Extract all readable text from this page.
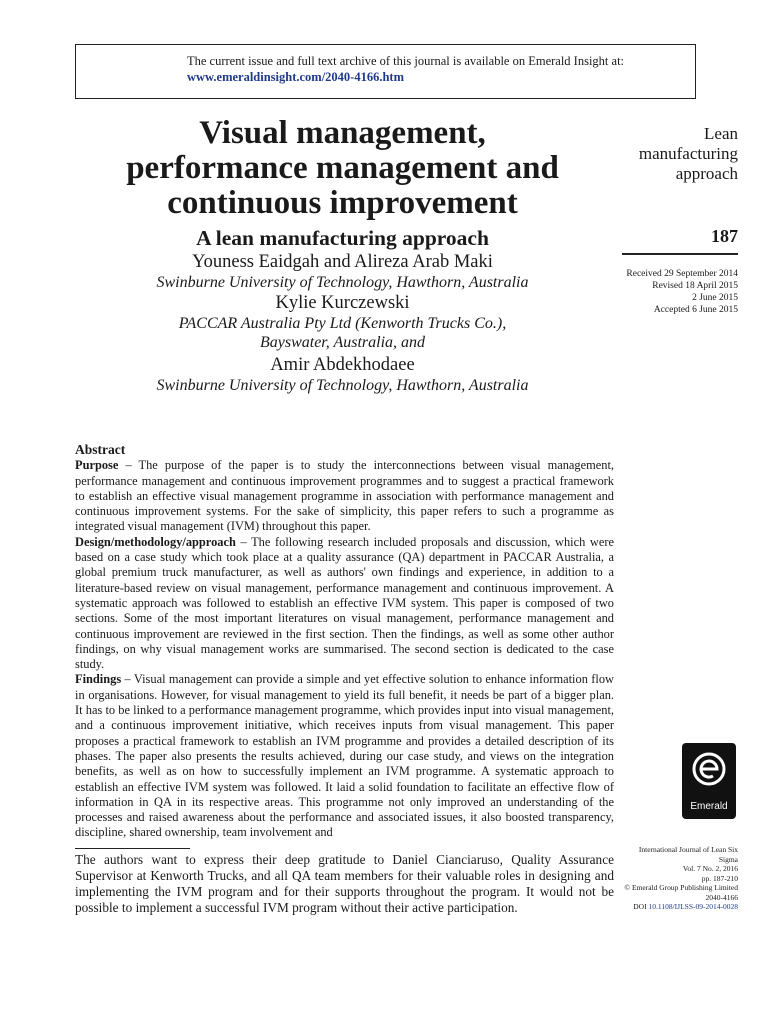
The current issue and full text archive of this journal is available on Emerald Insight at:
www.emeraldinsight.com/2040-4166.htm
Visual management,
performance management and
continuous improvement

A lean manufacturing approach

Youness Eaidgah and Alireza Arab Maki

Swinburne University of Technology, Hawthorn, Australia

Kylie Kurczewski

PACCAR Australia Pty Ltd (Kenworth Trucks Co.),

Bayswater, Australia, and

Amir Abdekhodaee

Swinburne University of Technology, Hawthorn, Australia

Lean
manufacturing
approach
187
Received 29 September 2014
Revised 18 April 2015
2 June 2015
Accepted 6 June 2015

Abstract

Purpose – The purpose of the paper is to study the interconnections between visual management, performance management and continuous improvement programmes and to suggest a practical framework to establish an effective visual management programme in association with performance management and continuous improvement systems. For the sake of simplicity, this paper refers to such a programme as integrated visual management (IVM) throughout this paper.

Design/methodology/approach – The following research included proposals and discussion, which were based on a case study which took place at a quality assurance (QA) department in PACCAR Australia, a global premium truck manufacturer, as well as authors' own findings and experience, in addition to a literature-based review on visual management, performance management and continuous improvement. A systematic approach was followed to establish an effective IVM system. This paper is composed of two sections. Some of the most important literatures on visual management, performance management and continuous improvement are reviewed in the first section. Then the findings, as well as some other author findings, on why visual management works are summarised. The second section is dedicated to the case study.

Findings – Visual management can provide a simple and yet effective solution to enhance information flow in organisations. However, for visual management to yield its full benefit, it needs be part of a bigger plan. It has to be linked to a performance management programme, which provides input into visual management, and a continuous improvement initiative, which receives inputs from visual management. This paper proposes a practical framework to establish an IVM programme and provides a detailed description of its phases. The paper also presents the results achieved, during our case study, and views on the integration benefits, as well as on how to successfully implement an IVM programme. A systematic approach to establish an effective IVM system was followed. It laid a solid foundation to facilitate an effective flow of information in QA in its respective areas. This programme not only improved an understanding of the processes and raised awareness about the performance and associated issues, it also boosted transparency, discipline, shared ownership, team involvement and

Emerald
The authors want to express their deep gratitude to Daniel Cianciaruso, Quality Assurance Supervisor at Kenworth Trucks, and all QA team members for their valuable roles in designing and implementing the IVM program and for their supports throughout the program. It would not be possible to implement a successful IVM program without their active participation.
International Journal of Lean Six
Sigma
Vol. 7 No. 2, 2016
pp. 187-210
© Emerald Group Publishing Limited
2040-4166
DOI 10.1108/IJLSS-09-2014-0028
